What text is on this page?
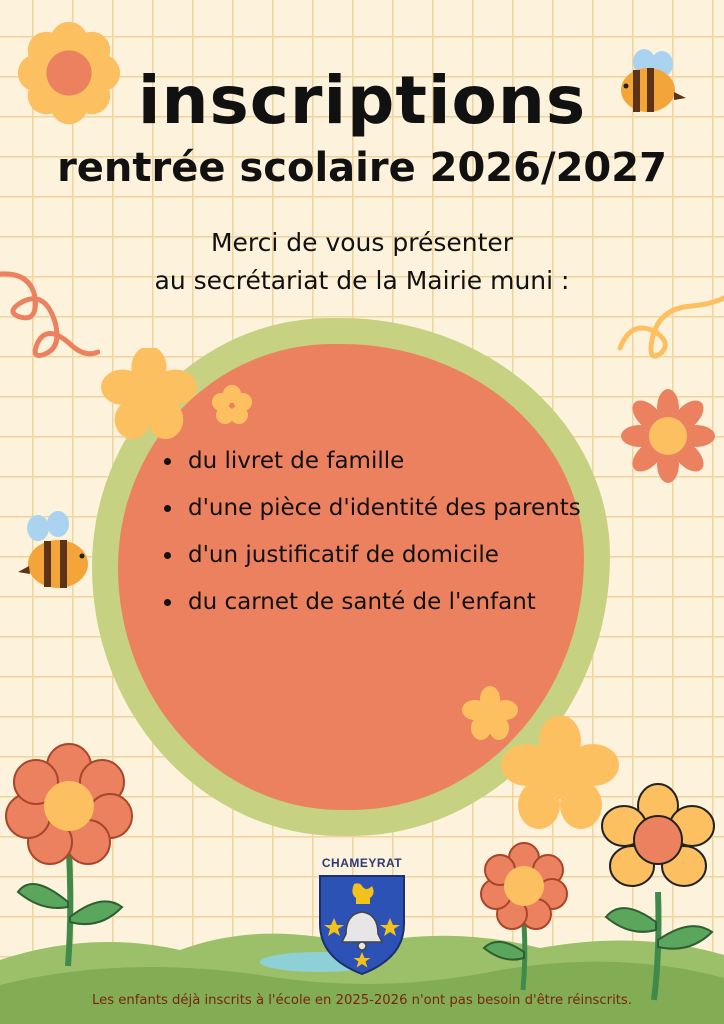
inscriptions
rentrée scolaire 2026/2027
Merci de vous présenter
au secrétariat de la Mairie muni :
du livret de famille
d'une pièce d'identité des parents
d'un justificatif de domicile
du carnet de santé de l'enfant
CHAMEYRAT
Les enfants déjà inscrits à l'école en 2025-2026 n'ont pas besoin d'être réinscrits.
